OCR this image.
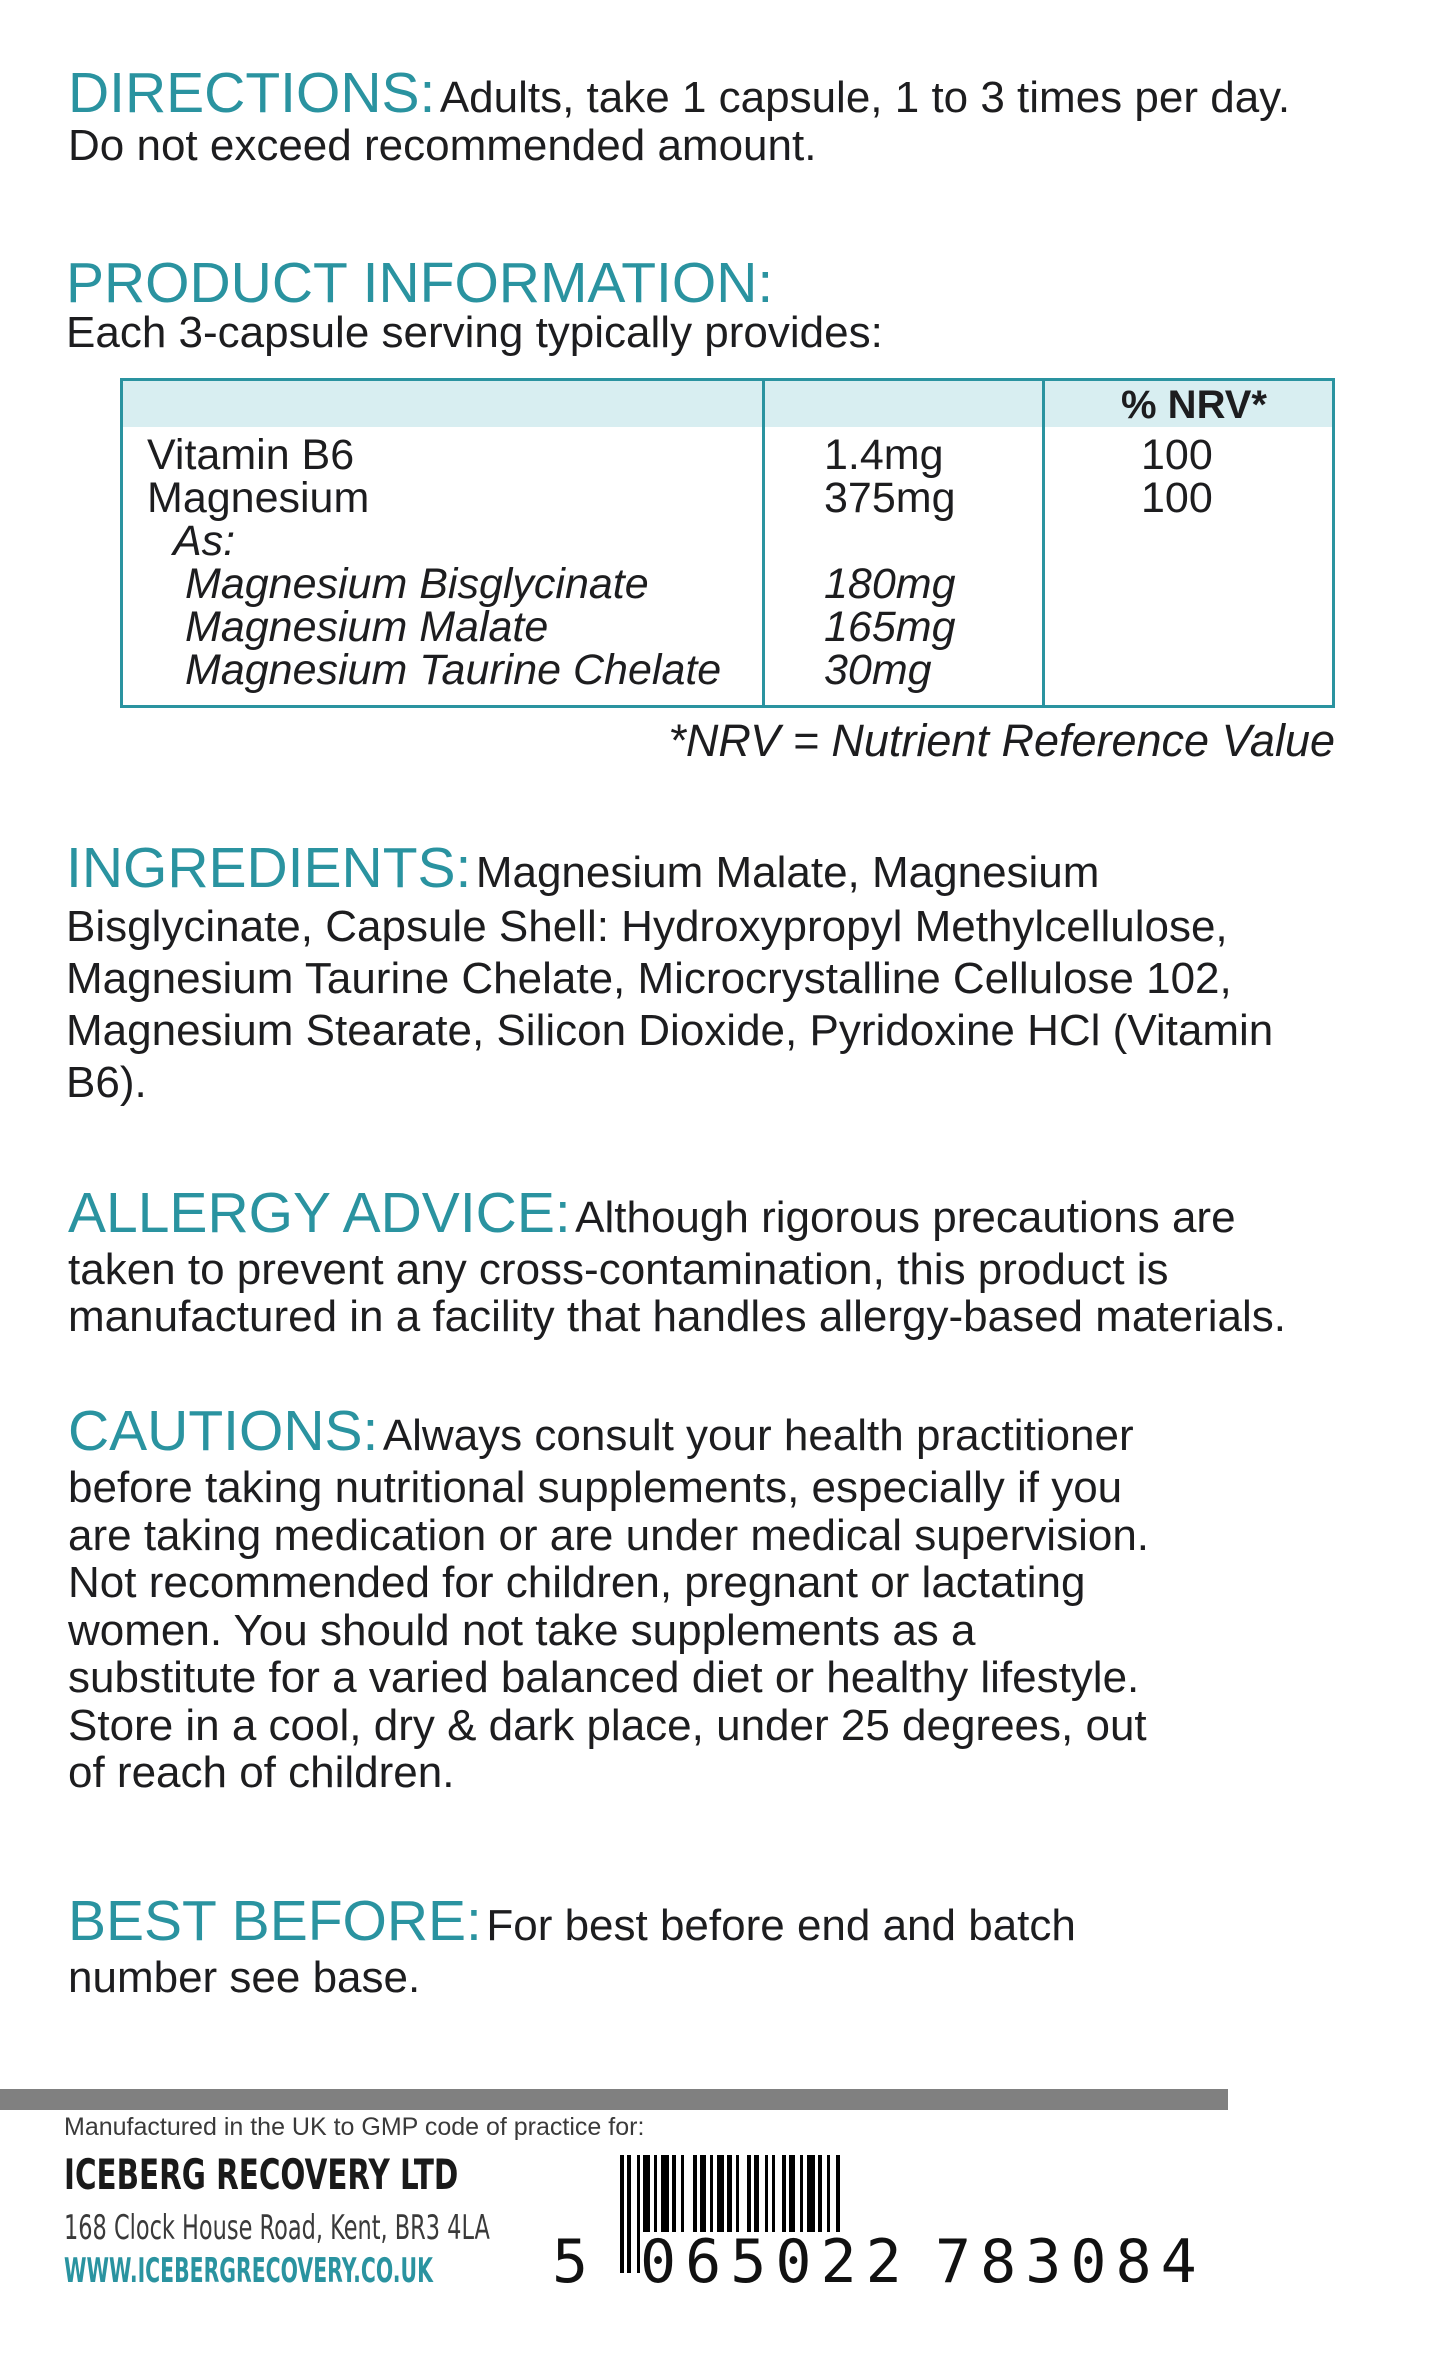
DIRECTIONS: Adults, take 1 capsule, 1 to 3 times per day.
Do not exceed recommended amount.
PRODUCT INFORMATION:
Each 3-capsule serving typically provides:
% NRV*
Vitamin B6	1.4mg	100
Magnesium	375mg	100
As:
Magnesium Bisglycinate	180mg
Magnesium Malate	165mg
Magnesium Taurine Chelate 30mg
*NRV = Nutrient Reference Value
INGREDIENTS: Magnesium Malate, Magnesium
Bisglycinate, Capsule Shell: Hydroxypropyl Methylcellulose,
Magnesium Taurine Chelate, Microcrystalline Cellulose 102,
Magnesium Stearate, Silicon Dioxide, Pyridoxine HCl (Vitamin
B6).
ALLERGY ADVICE: Although rigorous precautions are
taken to prevent any cross-contamination, this product is
manufactured in a facility that handles allergy-based materials.
CAUTIONS: Always consult your health practitioner
before taking nutritional supplements, especially if you
are taking medication or are under medical supervision.
Not recommended for children, pregnant or lactating
women. You should not take supplements as a
substitute for a varied balanced diet or healthy lifestyle.
Store in a cool, dry & dark place, under 25 degrees, out
of reach of children.
BEST BEFORE: For best before end and batch
number see base.
Manufactured in the UK to GMP code of practice for:
ICEBERG RECOVERY LTD
168 Clock House Road, Kent, BR3 4LA
WWW.ICEBERGRECOVERY.CO.UK 5 065022 783084
